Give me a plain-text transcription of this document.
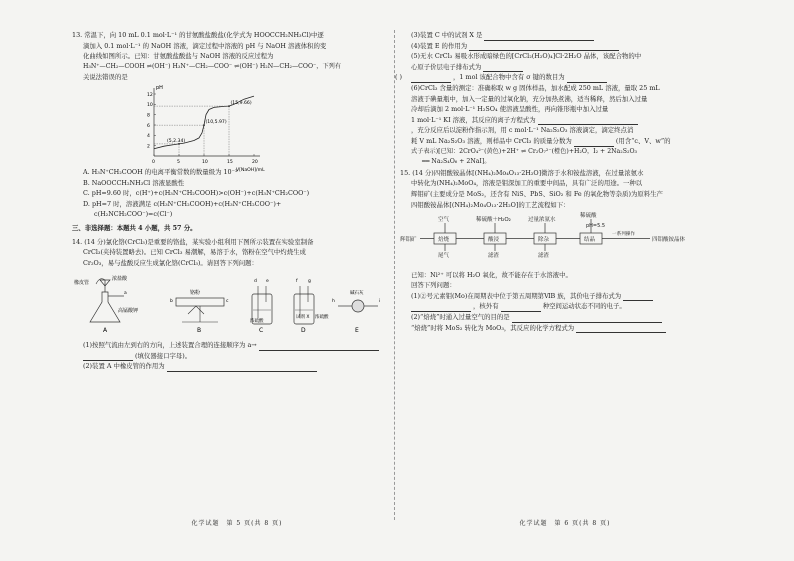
13. 常温下，向 10 mL 0.1 mol·L⁻¹ 的甘氨酸盐酸盐(化学式为 HOOCCH₂NH₃Cl)中逐

滴加入 0.1 mol·L⁻¹ 的 NaOH 溶液，滴定过程中溶液的 pH 与 NaOH 溶液体积的变

化曲线如图所示。已知：甘氨酸盐酸盐与 NaOH 溶液的反应过程为

H₃N⁺—CH₂—COOH ⇌(OH⁻) H₃N⁺—CH₂—COO⁻ ⇌(OH⁻) H₂N—CH₂—COO⁻，下列有

关说法错误的是	( )

pH
V[NaOH]/mL
2
4
6
8
10
12
0	5	10	15	20
(5,2.34)
(10,5.97)
(15,9.66)

A. H₃N⁺CH₂COOH 的电离平衡常数的数量级为 10⁻³

B. NaOOCCH₂NH₃Cl 溶液显酸性

C. pH=9.60 时，c(H⁺)+c(H₃N⁺CH₂COOH)>c(OH⁻)+c(H₃N⁺CH₂COO⁻)

D. pH=7 时，溶液满足 c(H₃N⁺CH₂COOH)+c(H₃N⁺CH₂COO⁻)+

c(H₂NCH₂COO⁻)=c(Cl⁻)

三、非选择题：本题共 4 小题，共 57 分。

14. (14 分)氯化铬(CrCl₃)是重要的铬盐，某实验小组利用下图所示装置在实验室制备

CrCl₃(夹持装置略去)。已知 CrCl₃ 易潮解，易溶于水，铬粉在空气中灼烧生成

Cr₂O₃，易与盐酸反应生成氯化铬(CrCl₃)。请回答下列问题：

橡皮管
浓盐酸
高锰酸钾
A
a	铬粉
b	c
B
d e
浓硫酸
C
f g
试剂 X 浓硫酸
D
h	i
碱石灰
E

(1)按照气流由左到右的方向，上述装置合理的连接顺序为 a→

(填仪器接口字母)。

(2)装置 A 中橡皮管的作用为

化学试题　第 5 页(共 8 页)

(3)装置 C 中的试剂 X 是

(4)装置 E 的作用为

(5)无水 CrCl₃ 易吸水形成暗绿色的[CrCl₂(H₂O)₄]Cl·2H₂O 晶体，该配合物的中

心原子价层电子排布式为

，1 mol 该配合物中含有 σ 键的数目为

(6)CrCl₃ 含量的测定：准确称取 w g 固体样品，加水配成 250 mL 溶液，量取 25 mL

溶液于碘量瓶中，加入一定量的过氧化钠，充分加热煮沸，适当稀释，然后加入过量

冷却后滴加 2 mol·L⁻¹ H₂SO₄ 使溶液呈酸性，再向锥形瓶中加入过量

1 mol·L⁻¹ KI 溶液，其反应的离子方程式为

，充分反应后以淀粉作指示剂，用 c mol·L⁻¹ Na₂S₂O₃ 溶液滴定，滴定终点消

耗 V mL Na₂S₂O₃ 溶液，则样品中 CrCl₃ 的质量分数为	(用含“c、V、w”的

式子表示)[已知：2CrO₄²⁻(黄色)+2H⁺ ⇌ Cr₂O₇²⁻(橙色)+H₂O，I₂ + 2Na₂S₂O₃

══ Na₂S₄O₆ + 2NaI]。

15. (14 分)四钼酸铵晶体[(NH₄)₂Mo₄O₁₃·2H₂O]微溶于水和铵盐溶液，在过量浓氨水

中转化为(NH₄)₂MoO₄，溶液是钼深加工的重要中间品，具有广泛的用途。一种以

辉钼矿(主要成分是 MoS₂，还含有 NiS、PbS、SiO₂ 和 Fe 的氧化物等杂质)为原料生产

四钼酸铵晶体[(NH₄)₂Mo₄O₁₃·2H₂O]的工艺流程如下：

空气	稀硫酸＋H₂O₂	过量浓氨水
稀硫酸
辉钼矿	焙烧	酸浸	除杂	结晶
pH=5.5
一系列操作
四钼酸铵晶体
尾气	滤渣	滤渣

已知：Ni²⁺ 可以将 H₂O 氧化，故不能存在于水溶液中。

回答下列问题：

(1)②号元素钼(Mo)在周期表中位于第五周期第ⅥB 族，其价电子排布式为

，核外有	种空间运动状态不同的电子。

(2)“焙烧”时通入过量空气的目的是

“焙烧”时将 MoS₂ 转化为 MoO₃，其反应的化学方程式为

化学试题　第 6 页(共 8 页)
